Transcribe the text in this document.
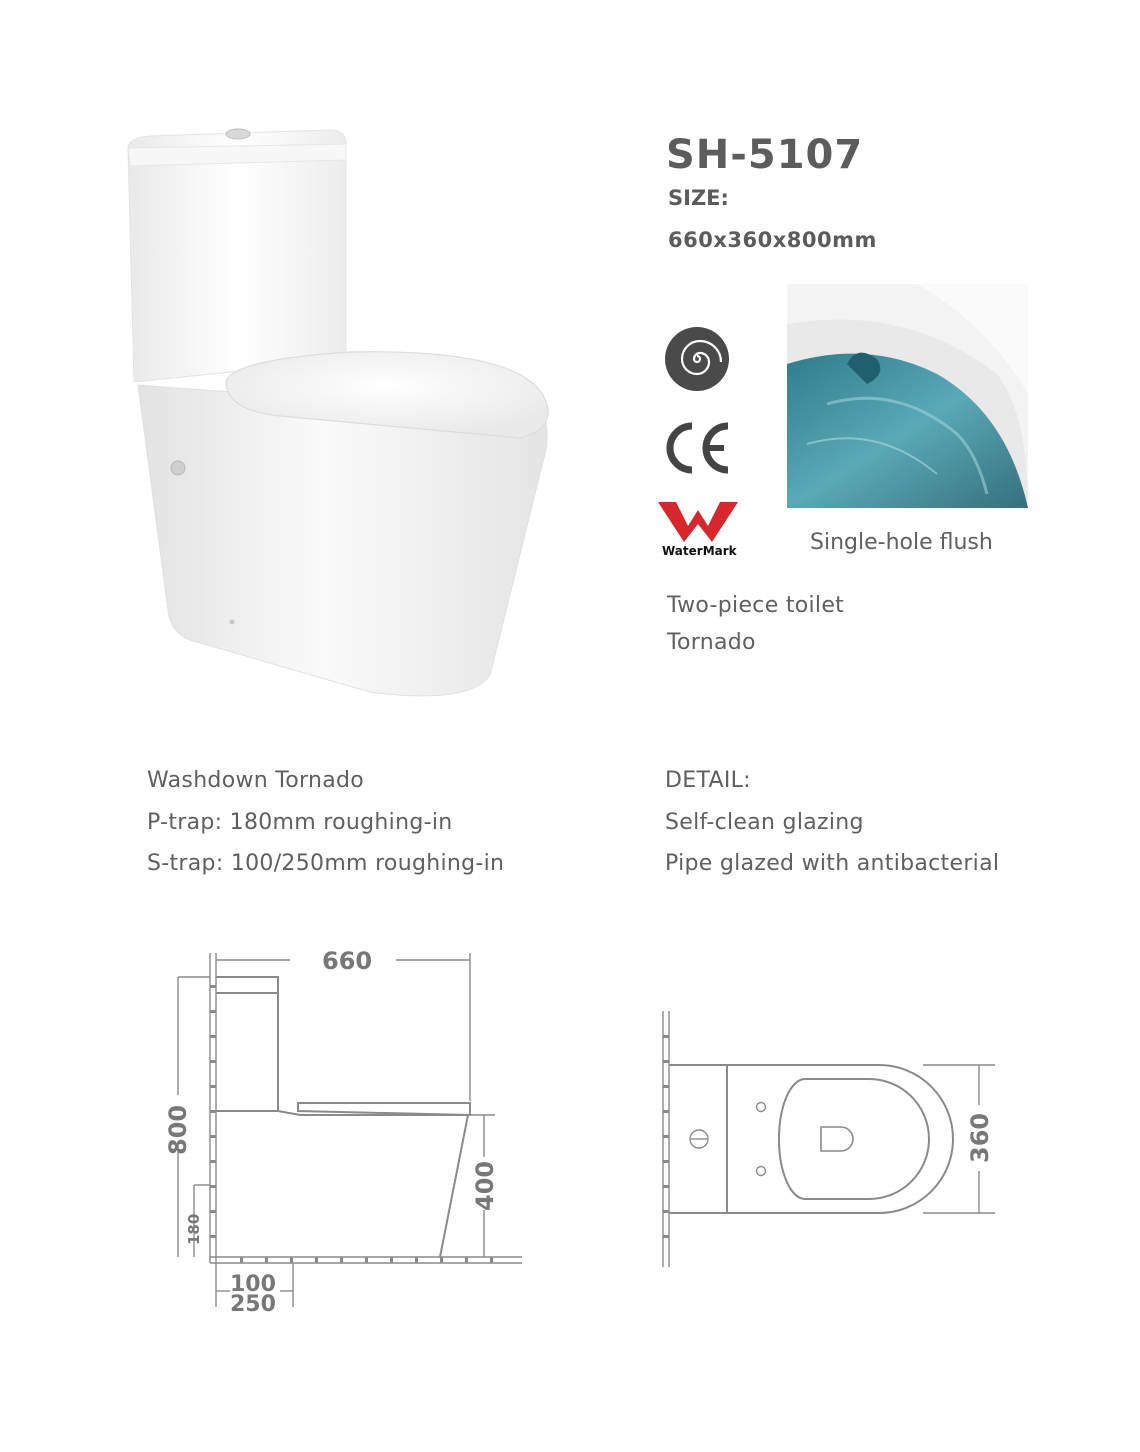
SH-5107
SIZE:
660x360x800mm
WaterMark	Single-hole flush
Two-piece toilet
Tornado
Washdown Tornado
P-trap: 180mm roughing-in
S-trap: 100/250mm roughing-in
DETAIL:
Self-clean glazing
Pipe glazed with antibacterial
660
800
180
400
100
250
360
